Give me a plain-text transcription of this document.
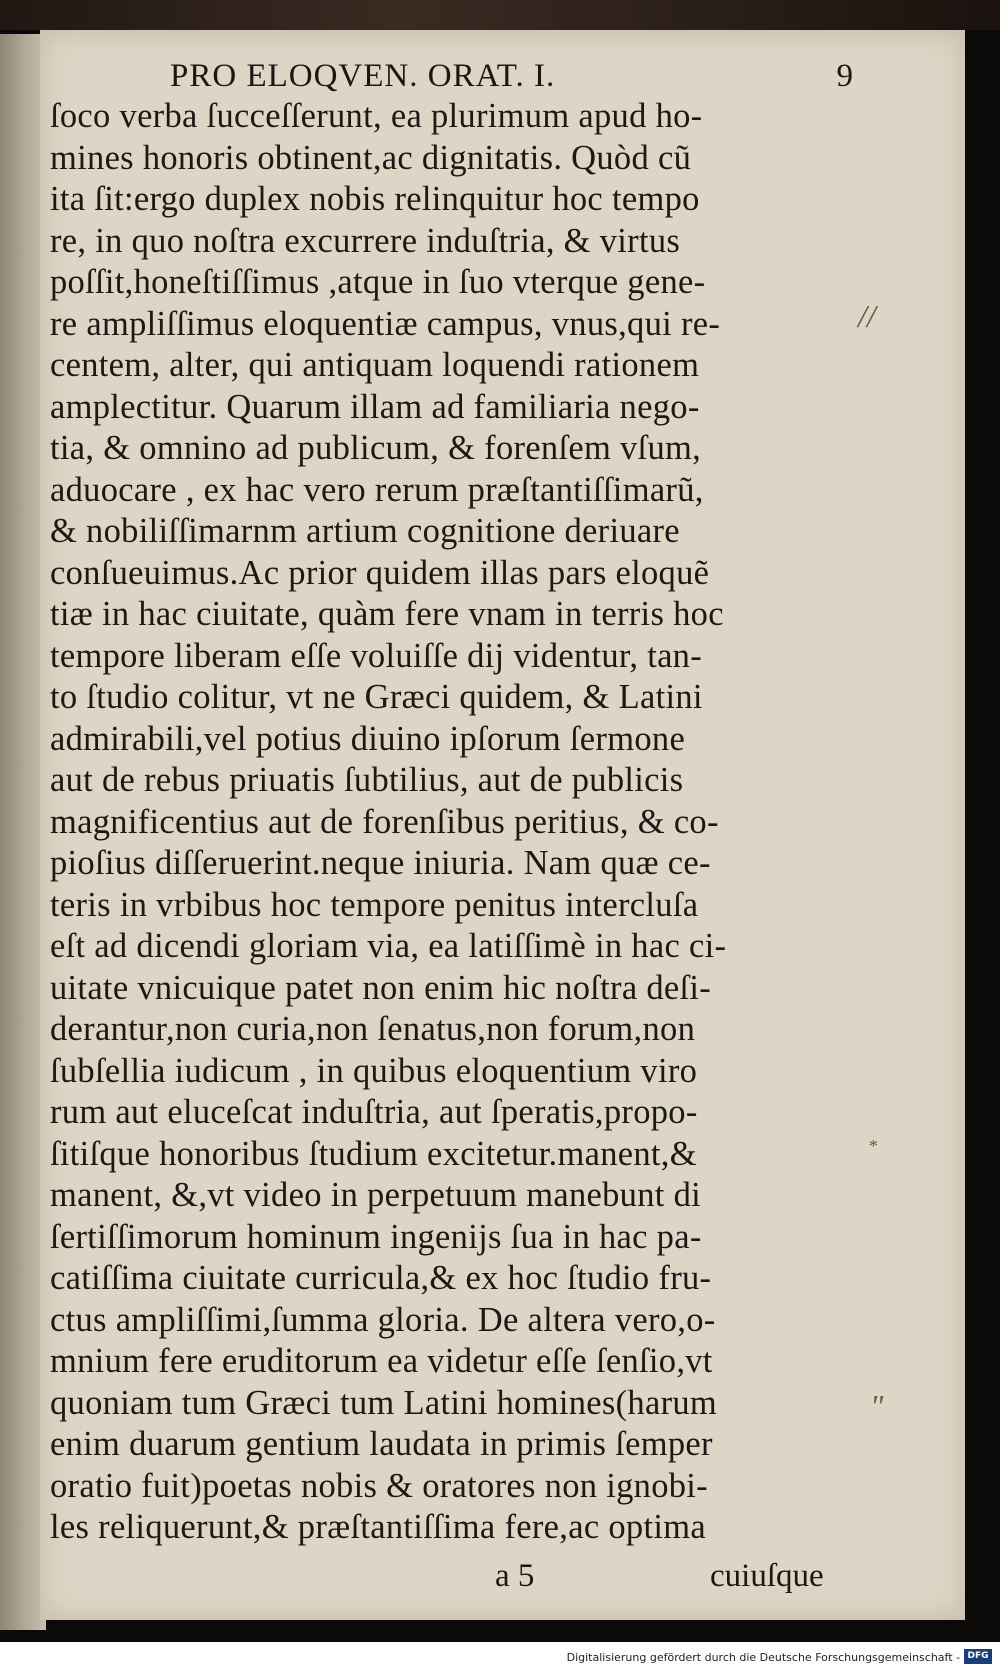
PRO ELOQVEN. ORAT. I.	9
ſoco verba ſucceſſerunt, ea plurimum apud ho-
mines honoris obtinent,ac dignitatis. Quòd cũ
ita ſit:ergo duplex nobis relinquitur hoc tempo
re, in quo noſtra excurrere induſtria, & virtus
poſſit,honeſtiſſimus ,atque in ſuo vterque gene-
re ampliſſimus eloquentiæ campus, vnus,qui re-
centem, alter, qui antiquam loquendi rationem
amplectitur. Quarum illam ad familiaria nego-
tia, & omnino ad publicum, & forenſem vſum,
aduocare , ex hac vero rerum præſtantiſſimarũ,
& nobiliſſimarnm artium cognitione deriuare
conſueuimus.Ac prior quidem illas pars eloquẽ
tiæ in hac ciuitate, quàm fere vnam in terris hoc
tempore liberam eſſe voluiſſe dij videntur, tan-
to ſtudio colitur, vt ne Græci quidem, & Latini
admirabili,vel potius diuino ipſorum ſermone
aut de rebus priuatis ſubtilius, aut de publicis
magnificentius aut de forenſibus peritius, & co-
pioſius diſſeruerint.neque iniuria. Nam quæ ce-
teris in vrbibus hoc tempore penitus intercluſa
eſt ad dicendi gloriam via, ea latiſſimè in hac ci-
uitate vnicuique patet non enim hic noſtra deſi-
derantur,non curia,non ſenatus,non forum,non
ſubſellia iudicum , in quibus eloquentium viro
rum aut eluceſcat induſtria, aut ſperatis,propo-
ſitiſque honoribus ſtudium excitetur.manent,&
manent, &,vt video in perpetuum manebunt di
ſertiſſimorum hominum ingenijs ſua in hac pa-
catiſſima ciuitate curricula,& ex hoc ſtudio fru-
ctus ampliſſimi,ſumma gloria. De altera vero,o-
mnium fere eruditorum ea videtur eſſe ſenſio,vt
quoniam tum Græci tum Latini homines(harum
enim duarum gentium laudata in primis ſemper
oratio fuit)poetas nobis & oratores non ignobi-
les reliquerunt,& præſtantiſſima fere,ac optima
//
*
"
a 5	cuiuſque
Digitalisierung gefördert durch die Deutsche Forschungsgemeinschaft - DFG
